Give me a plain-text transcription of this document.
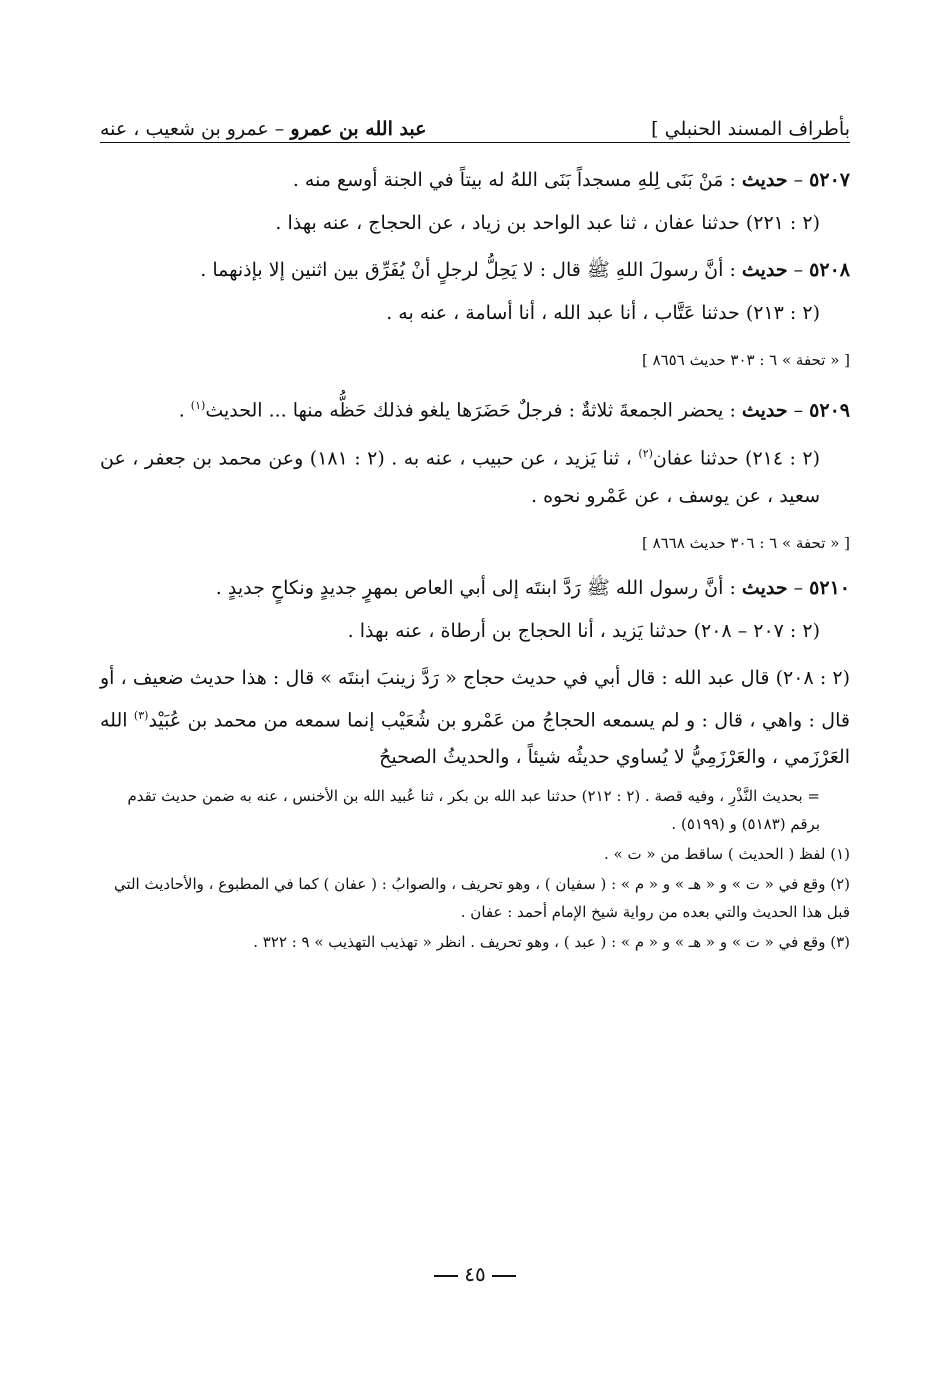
بأطراف المسند الحنبلي ]
عبد الله بن عمرو – عمرو بن شعيب ، عنه

٥٢٠٧ – حديث : مَنْ بَنَى لِلهِ مسجداً بَنَى اللهُ له بيتاً في الجنة أوسع منه .

(٢ : ٢٢١) حدثنا عفان ، ثنا عبد الواحد بن زياد ، عن الحجاج ، عنه بهذا .

٥٢٠٨ – حديث : أنَّ رسولَ اللهِ ﷺ قال : لا يَحِلُّ لرجلٍ أنْ يُفَرِّق بين اثنين إلا بإذنهما .

(٢ : ٢١٣) حدثنا عَتَّاب ، أنا عبد الله ، أنا أسامة ، عنه به .

[ « تحفة » ٦ : ٣٠٣ حديث ٨٦٥٦ ]

٥٢٠٩ – حديث : يحضر الجمعةَ ثلاثةٌ : فرجلٌ حَضَرَها يلغو فذلك حَظُّه منها ... الحديث$^{(١)}$ .

(٢ : ٢١٤) حدثنا عفان$^{(٢)}$ ، ثنا يَزيد ، عن حبيب ، عنه به . (٢ : ١٨١) وعن محمد بن جعفر ، عن سعيد ، عن يوسف ، عن عَمْرو نحوه .

[ « تحفة » ٦ : ٣٠٦ حديث ٨٦٦٨ ]

٥٢١٠ – حديث : أنَّ رسول الله ﷺ رَدَّ ابنتَه إلى أبي العاص بمهرٍ جديدٍ ونكاحٍ جديدٍ .

(٢ : ٢٠٧ – ٢٠٨) حدثنا يَزيد ، أنا الحجاج بن أرطاة ، عنه بهذا .

(٢ : ٢٠٨) قال عبد الله : قال أبي في حديث حجاج « رَدَّ زينبَ ابنتَه » قال : هذا حديث ضعيف ، أو قال : واهي ، قال : و لم يسمعه الحجاجُ من عَمْرو بن شُعَيْب إنما سمعه من محمد بن عُبَيْد$^{(٣)}$ الله العَرْزَمي ، والعَرْزَمِيُّ لا يُساوي حديثُه شيئاً ، والحديثُ الصحيحُ

= بحديث النَّذْرِ ، وفيه قصة . (٢ : ٢١٢) حدثنا عبد الله بن بكر ، ثنا عُبيد الله بن الأخنس ، عنه به ضمن حديث تقدم برقم (٥١٨٣) و (٥١٩٩) .

(١) لفظ ( الحديث ) ساقط من « ت » .

(٢) وقع في « ت » و « هـ » و « م » : ( سفيان ) ، وهو تحريف ، والصوابُ : ( عفان ) كما في المطبوع ، والأحاديث التي قبل هذا الحديث والتي بعده من رواية شيخ الإمام أحمد : عفان .

(٣) وقع في « ت » و « هـ » و « م » : ( عبد ) ، وهو تحريف . انظر « تهذيب التهذيب » ٩ : ٣٢٢ .

٤٥
